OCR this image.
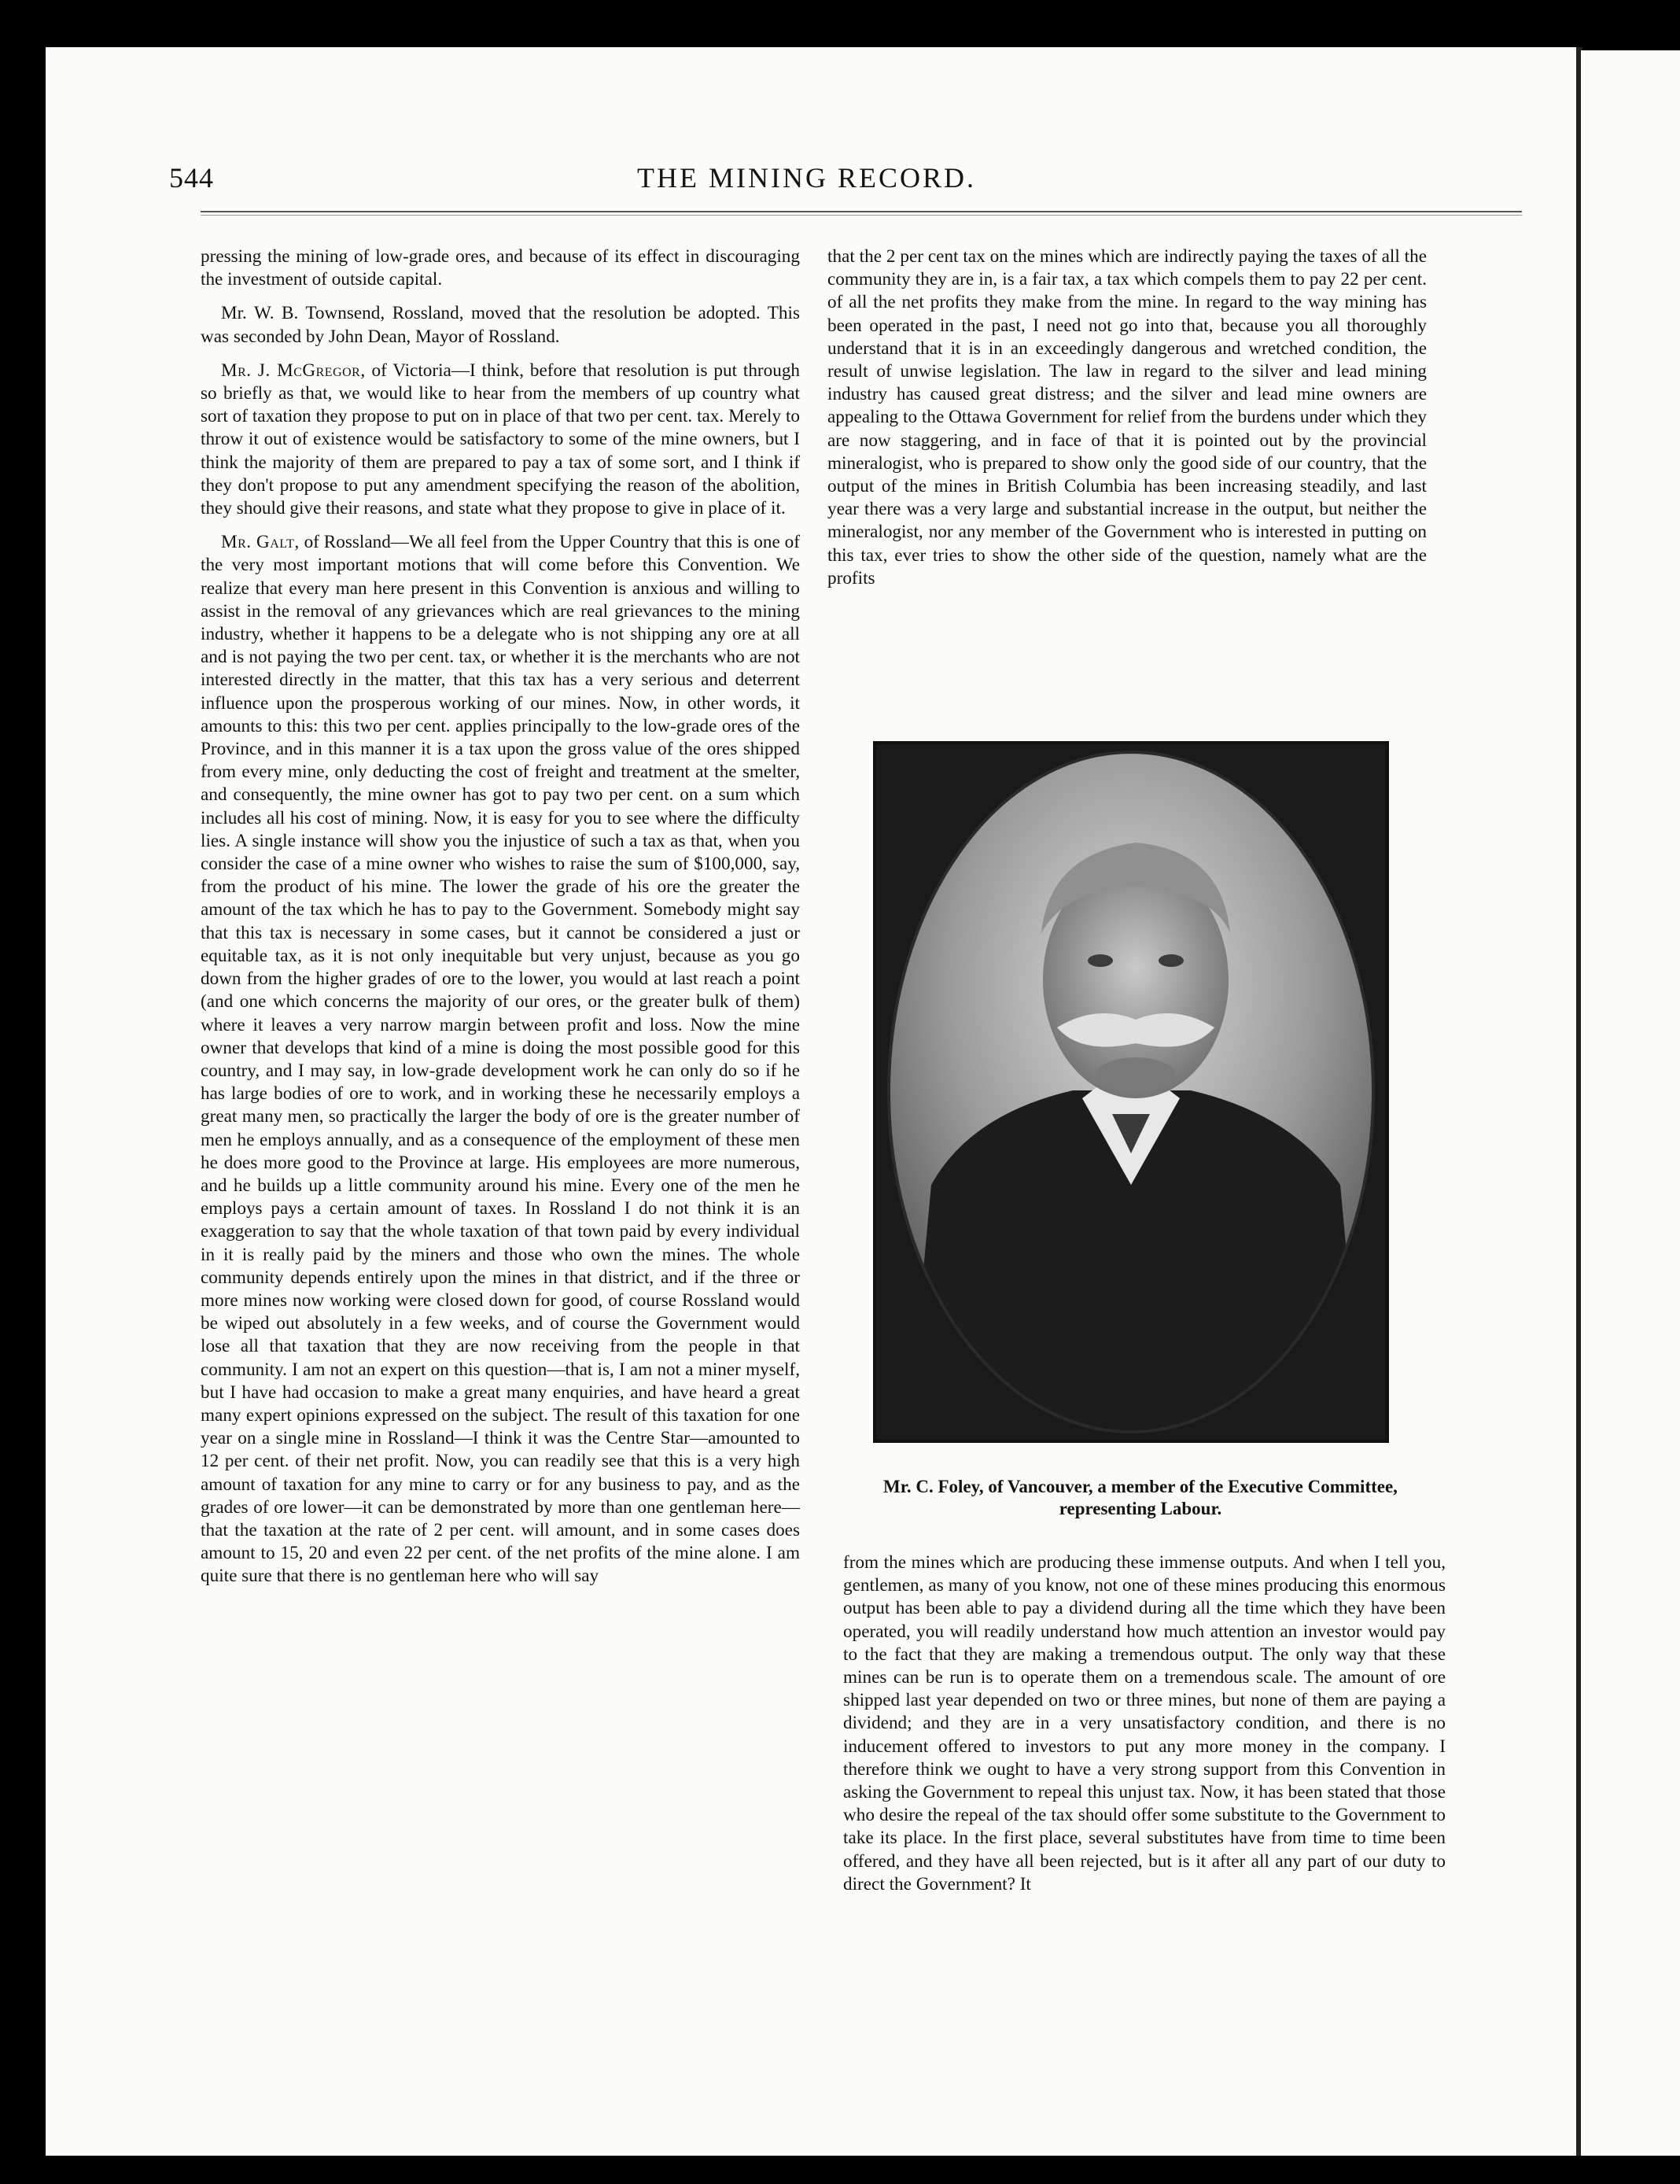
544	THE MINING RECORD.

pressing the mining of low-grade ores, and because of its effect in discouraging the investment of outside capital.

Mr. W. B. Townsend, Rossland, moved that the resolution be adopted. This was seconded by John Dean, Mayor of Rossland.

Mr. J. McGregor, of Victoria—I think, before that resolution is put through so briefly as that, we would like to hear from the members of up country what sort of taxation they propose to put on in place of that two per cent. tax. Merely to throw it out of existence would be satisfactory to some of the mine owners, but I think the majority of them are prepared to pay a tax of some sort, and I think if they don't propose to put any amendment specifying the reason of the abolition, they should give their reasons, and state what they propose to give in place of it.

Mr. Galt, of Rossland—We all feel from the Upper Country that this is one of the very most important motions that will come before this Convention. We realize that every man here present in this Convention is anxious and willing to assist in the removal of any grievances which are real grievances to the mining industry, whether it happens to be a delegate who is not shipping any ore at all and is not paying the two per cent. tax, or whether it is the merchants who are not interested directly in the matter, that this tax has a very serious and deterrent influence upon the prosperous working of our mines. Now, in other words, it amounts to this: this two per cent. applies principally to the low-grade ores of the Province, and in this manner it is a tax upon the gross value of the ores shipped from every mine, only deducting the cost of freight and treatment at the smelter, and consequently, the mine owner has got to pay two per cent. on a sum which includes all his cost of mining. Now, it is easy for you to see where the difficulty lies. A single instance will show you the injustice of such a tax as that, when you consider the case of a mine owner who wishes to raise the sum of $100,000, say, from the product of his mine. The lower the grade of his ore the greater the amount of the tax which he has to pay to the Government. Somebody might say that this tax is necessary in some cases, but it cannot be considered a just or equitable tax, as it is not only inequitable but very unjust, because as you go down from the higher grades of ore to the lower, you would at last reach a point (and one which concerns the majority of our ores, or the greater bulk of them) where it leaves a very narrow margin between profit and loss. Now the mine owner that develops that kind of a mine is doing the most possible good for this country, and I may say, in low-grade development work he can only do so if he has large bodies of ore to work, and in working these he necessarily employs a great many men, so practically the larger the body of ore is the greater number of men he employs annually, and as a consequence of the employment of these men he does more good to the Province at large. His employees are more numerous, and he builds up a little community around his mine. Every one of the men he employs pays a certain amount of taxes. In Rossland I do not think it is an exaggeration to say that the whole taxation of that town paid by every individual in it is really paid by the miners and those who own the mines. The whole community depends entirely upon the mines in that district, and if the three or more mines now working were closed down for good, of course Rossland would be wiped out absolutely in a few weeks, and of course the Government would lose all that taxation that they are now receiving from the people in that community. I am not an expert on this question—that is, I am not a miner myself, but I have had occasion to make a great many enquiries, and have heard a great many expert opinions expressed on the subject. The result of this taxation for one year on a single mine in Rossland—I think it was the Centre Star—amounted to 12 per cent. of their net profit. Now, you can readily see that this is a very high amount of taxation for any mine to carry or for any business to pay, and as the grades of ore lower—it can be demonstrated by more than one gentleman here—that the taxation at the rate of 2 per cent. will amount, and in some cases does amount to 15, 20 and even 22 per cent. of the net profits of the mine alone. I am quite sure that there is no gentleman here who will say

that the 2 per cent tax on the mines which are indirectly paying the taxes of all the community they are in, is a fair tax, a tax which compels them to pay 22 per cent. of all the net profits they make from the mine. In regard to the way mining has been operated in the past, I need not go into that, because you all thoroughly understand that it is in an exceedingly dangerous and wretched condition, the result of unwise legislation. The law in regard to the silver and lead mining industry has caused great distress; and the silver and lead mine owners are appealing to the Ottawa Government for relief from the burdens under which they are now staggering, and in face of that it is pointed out by the provincial mineralogist, who is prepared to show only the good side of our country, that the output of the mines in British Columbia has been increasing steadily, and last year there was a very large and substantial increase in the output, but neither the mineralogist, nor any member of the Government who is interested in putting on this tax, ever tries to show the other side of the question, namely what are the profits

Mr. C. Foley, of Vancouver, a member of the Executive Committee, representing Labour.

from the mines which are producing these immense outputs. And when I tell you, gentlemen, as many of you know, not one of these mines producing this enormous output has been able to pay a dividend during all the time which they have been operated, you will readily understand how much attention an investor would pay to the fact that they are making a tremendous output. The only way that these mines can be run is to operate them on a tremendous scale. The amount of ore shipped last year depended on two or three mines, but none of them are paying a dividend; and they are in a very unsatisfactory condition, and there is no inducement offered to investors to put any more money in the company. I therefore think we ought to have a very strong support from this Convention in asking the Government to repeal this unjust tax. Now, it has been stated that those who desire the repeal of the tax should offer some substitute to the Government to take its place. In the first place, several substitutes have from time to time been offered, and they have all been rejected, but is it after all any part of our duty to direct the Government? It
